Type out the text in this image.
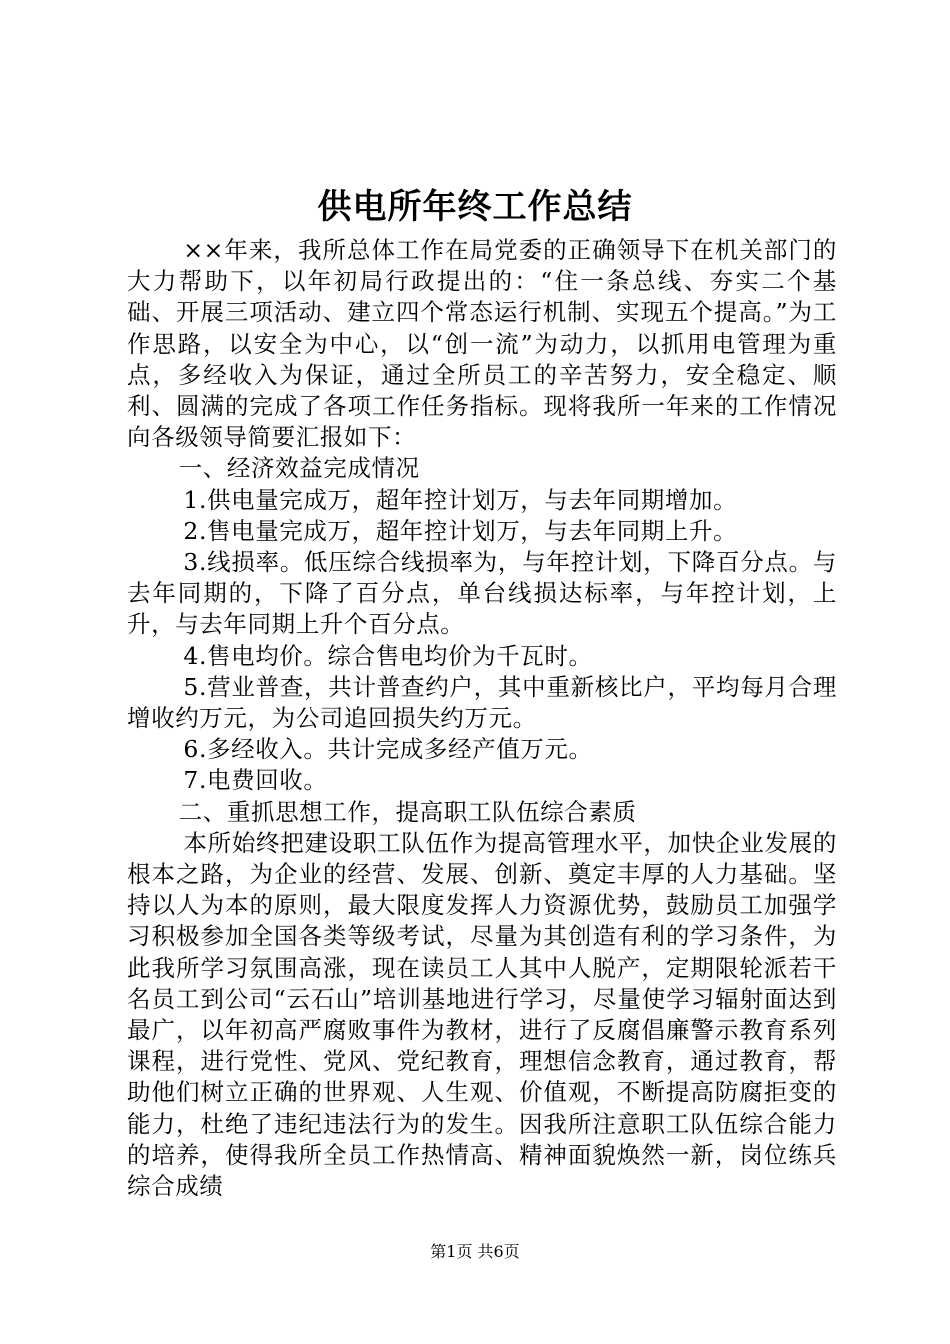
供电所年终工作总结

××年来，我所总体工作在局党委的正确领导下在机关部门的大力帮助下，以年初局行政提出的：“住一条总线、夯实二个基础、开展三项活动、建立四个常态运行机制、实现五个提高。”为工作思路，以安全为中心，以“创一流”为动力，以抓用电管理为重点，多经收入为保证，通过全所员工的辛苦努力，安全稳定、顺利、圆满的完成了各项工作任务指标。现将我所一年来的工作情况向各级领导简要汇报如下：

一、经济效益完成情况

1.供电量完成万，超年控计划万，与去年同期增加。

2.售电量完成万，超年控计划万，与去年同期上升。

3.线损率。低压综合线损率为，与年控计划，下降百分点。与去年同期的，下降了百分点，单台线损达标率，与年控计划，上升，与去年同期上升个百分点。

4.售电均价。综合售电均价为千瓦时。

5.营业普查，共计普查约户，其中重新核比户，平均每月合理增收约万元，为公司追回损失约万元。

6.多经收入。共计完成多经产值万元。

7.电费回收。

二、重抓思想工作，提高职工队伍综合素质

本所始终把建设职工队伍作为提高管理水平，加快企业发展的根本之路，为企业的经营、发展、创新、奠定丰厚的人力基础。坚持以人为本的原则，最大限度发挥人力资源优势，鼓励员工加强学习积极参加全国各类等级考试，尽量为其创造有利的学习条件，为此我所学习氛围高涨，现在读员工人其中人脱产，定期限轮派若干名员工到公司“云石山”培训基地进行学习，尽量使学习辐射面达到最广，以年初高严腐败事件为教材，进行了反腐倡廉警示教育系列课程，进行党性、党风、党纪教育，理想信念教育，通过教育，帮助他们树立正确的世界观、人生观、价值观，不断提高防腐拒变的能力，杜绝了违纪违法行为的发生。因我所注意职工队伍综合能力的培养，使得我所全员工作热情高、精神面貌焕然一新，岗位练兵综合成绩

第1页 共6页
